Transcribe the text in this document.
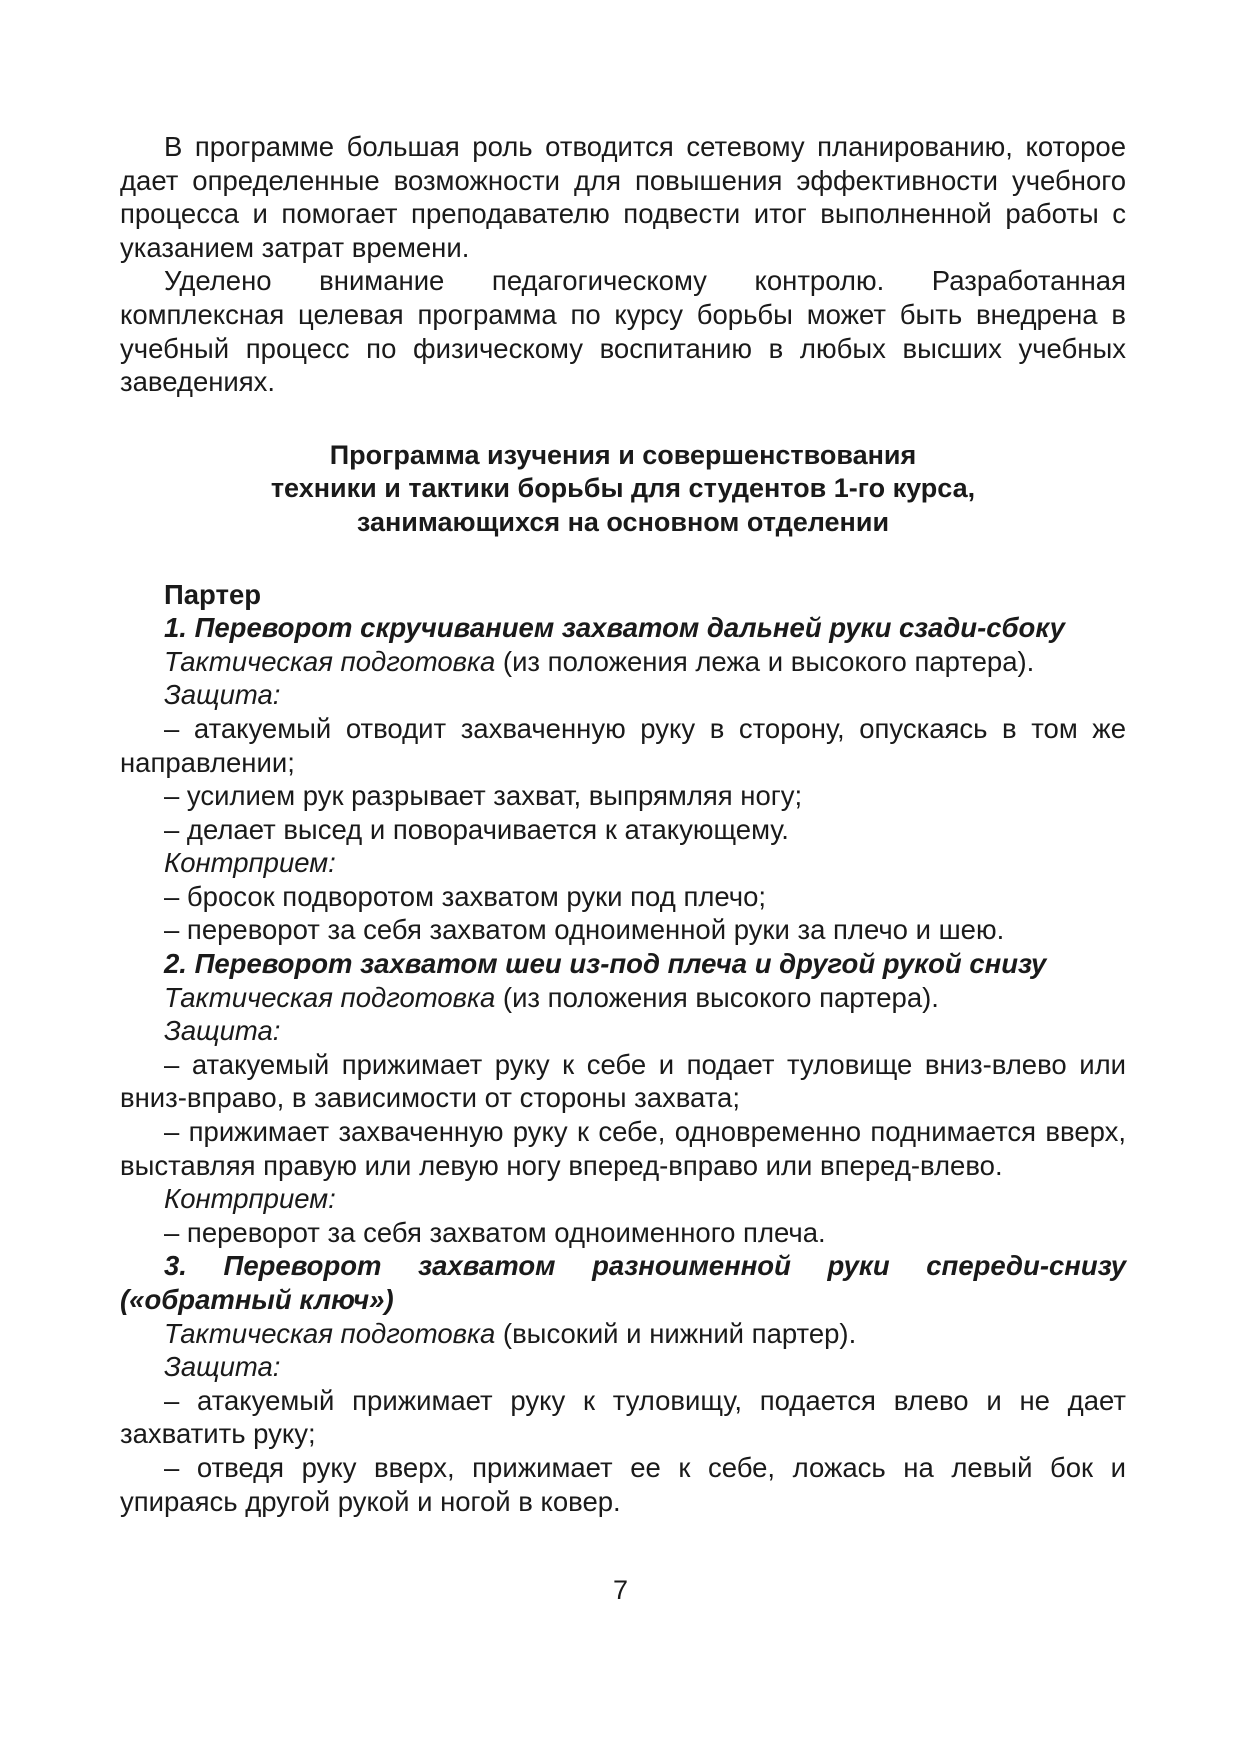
В программе большая роль отводится сетевому планированию, которое дает определенные возможности для повышения эффективности учебного процесса и помогает преподавателю подвести итог выполненной работы с указанием затрат времени.

Уделено внимание педагогическому контролю. Разработанная комплексная целевая программа по курсу борьбы может быть внедрена в учебный процесс по физическому воспитанию в любых высших учебных заведениях.

Программа изучения и совершенствования
техники и тактики борьбы для студентов 1-го курса,
занимающихся на основном отделении

Партер

1. Переворот скручиванием захватом дальней руки сзади-сбоку

Тактическая подготовка (из положения лежа и высокого партера).

Защита:

– атакуемый отводит захваченную руку в сторону, опускаясь в том же направлении;

– усилием рук разрывает захват, выпрямляя ногу;

– делает высед и поворачивается к атакующему.

Контрприем:

– бросок подворотом захватом руки под плечо;

– переворот за себя захватом одноименной руки за плечо и шею.

2. Переворот захватом шеи из-под плеча и другой рукой снизу

Тактическая подготовка (из положения высокого партера).

Защита:

– атакуемый прижимает руку к себе и подает туловище вниз-влево или вниз-вправо, в зависимости от стороны захвата;

– прижимает захваченную руку к себе, одновременно поднимается вверх, выставляя правую или левую ногу вперед-вправо или вперед-влево.

Контрприем:

– переворот за себя захватом одноименного плеча.

3. Переворот захватом разноименной руки спереди-снизу («обратный ключ»)

Тактическая подготовка (высокий и нижний партер).

Защита:

– атакуемый прижимает руку к туловищу, подается влево и не дает захватить руку;

– отведя руку вверх, прижимает ее к себе, ложась на левый бок и упираясь другой рукой и ногой в ковер.

7
